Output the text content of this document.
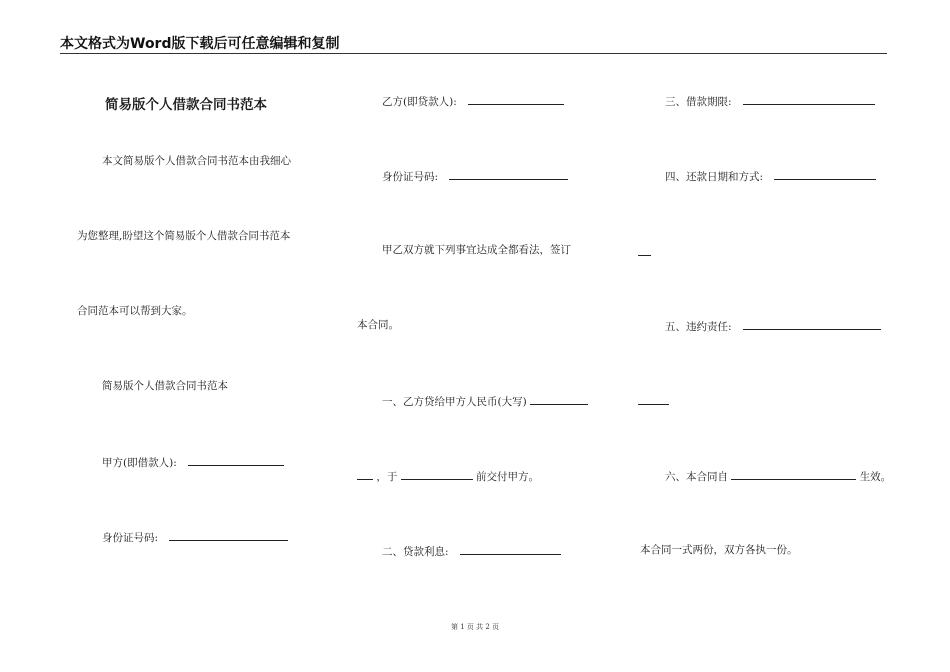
本文格式为Word版下载后可任意编辑和复制
简易版个人借款合同书范本
本文简易版个人借款合同书范本由我细心
为您整理,盼望这个简易版个人借款合同书范本
合同范本可以帮到大家。
简易版个人借款合同书范本
甲方(即借款人):
身份证号码:
乙方(即贷款人):
身份证号码:
甲乙双方就下列事宜达成全都看法，签订
本合同。
一、乙方贷给甲方人民币(大写)
，于	前交付甲方。
二、贷款利息:
三、借款期限:
四、还款日期和方式:
五、违约责任:
六、本合同自	生效。
本合同一式两份，双方各执一份。
第 1 页 共 2 页
